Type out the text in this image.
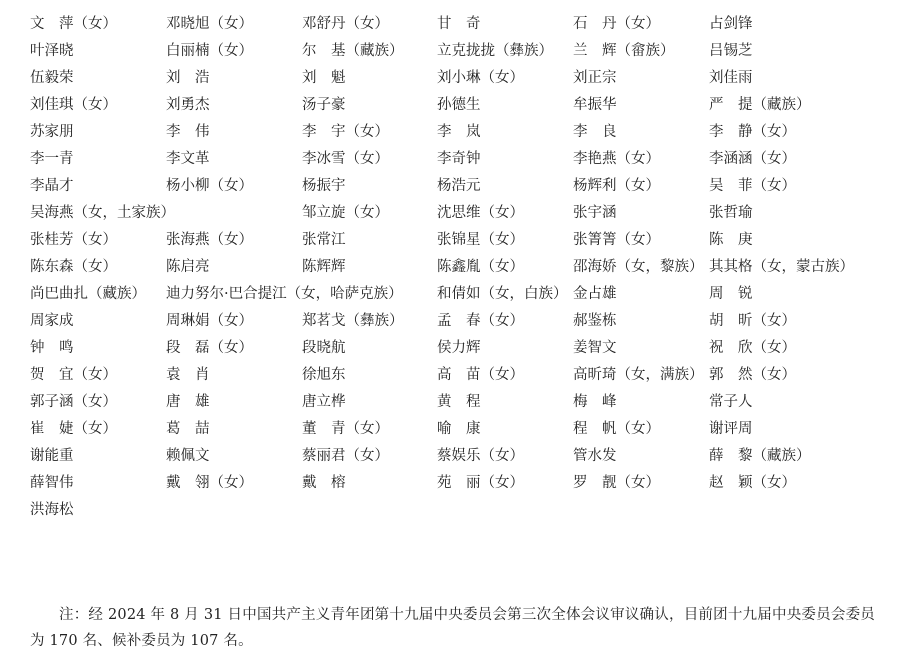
文　萍（女）	邓晓旭（女）	邓舒丹（女）	甘　奇	石　丹（女）	占剑锋
叶泽晓	白丽楠（女）	尔　基（藏族） 立克拢拢（彝族） 兰　辉（畲族） 吕锡芝
伍毅荣	刘　浩	刘　魁	刘小琳（女）	刘正宗	刘佳雨
刘佳琪（女）	刘勇杰	汤子豪	孙德生	牟振华	严　提（藏族）
苏家朋	李　伟	李　宇（女）	李　岚	李　良	李　静（女）
李一青	李文革	李冰雪（女）	李奇钟	李艳燕（女）	李涵涵（女）
李晶才	杨小柳（女）	杨振宇	杨浩元	杨辉利（女）	吴　菲（女）
吴海燕（女，土家族）	邹立旋（女）	沈思维（女）	张宇涵	张哲瑜
张桂芳（女）	张海燕（女）	张常江	张锦星（女）	张箐箐（女）	陈　庚
陈东森（女）	陈启亮	陈辉辉	陈鑫胤（女）	邵海娇（女，黎族） 其其格（女，蒙古族）
尚巴曲扎（藏族） 迪力努尔·巴合提江（女，哈萨克族） 和倩如（女，白族） 金占雄	周　锐
周家成	周琳娟（女）	郑茗戈（彝族） 孟　春（女）	郝鉴栋	胡　昕（女）
钟　鸣	段　磊（女）	段晓航	侯力辉	姜智文	祝　欣（女）
贺　宜（女）	袁　肖	徐旭东	高　苗（女）	高昕琦（女，满族） 郭　然（女）
郭子涵（女）	唐　雄	唐立桦	黄　程	梅　峰	常子人
崔　婕（女）	葛　喆	董　青（女）	喻　康	程　帆（女）	谢评周
谢能重	赖佩文	蔡丽君（女）	蔡娱乐（女）	管水发	薛　黎（藏族）
薛智伟	戴　翎（女）	戴　榕	苑　丽（女）	罗　靓（女）	赵　颖（女）
洪海松

注：经 2024 年 8 月 31 日中国共产主义青年团第十九届中央委员会第三次全体会议审议确认，目前团十九届中央委员会委员为 170 名、候补委员为 107 名。
